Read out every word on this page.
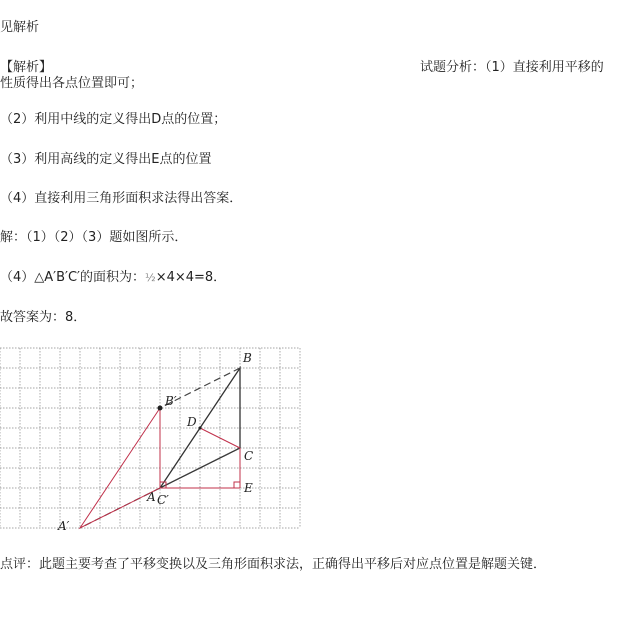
见解析
【解析】	试题分析：（1）直接利用平移的
性质得出各点位置即可；
（2）利用中线的定义得出D点的位置；
（3）利用高线的定义得出E点的位置
（4）直接利用三角形面积求法得出答案．
解：（1）（2）（3）题如图所示．
（4）△A′B′C′的面积为：½×4×4=8．
故答案为：8．
B
B′
D
C
E
A C′
A′
点评：此题主要考查了平移变换以及三角形面积求法，正确得出平移后对应点位置是解题关键．
